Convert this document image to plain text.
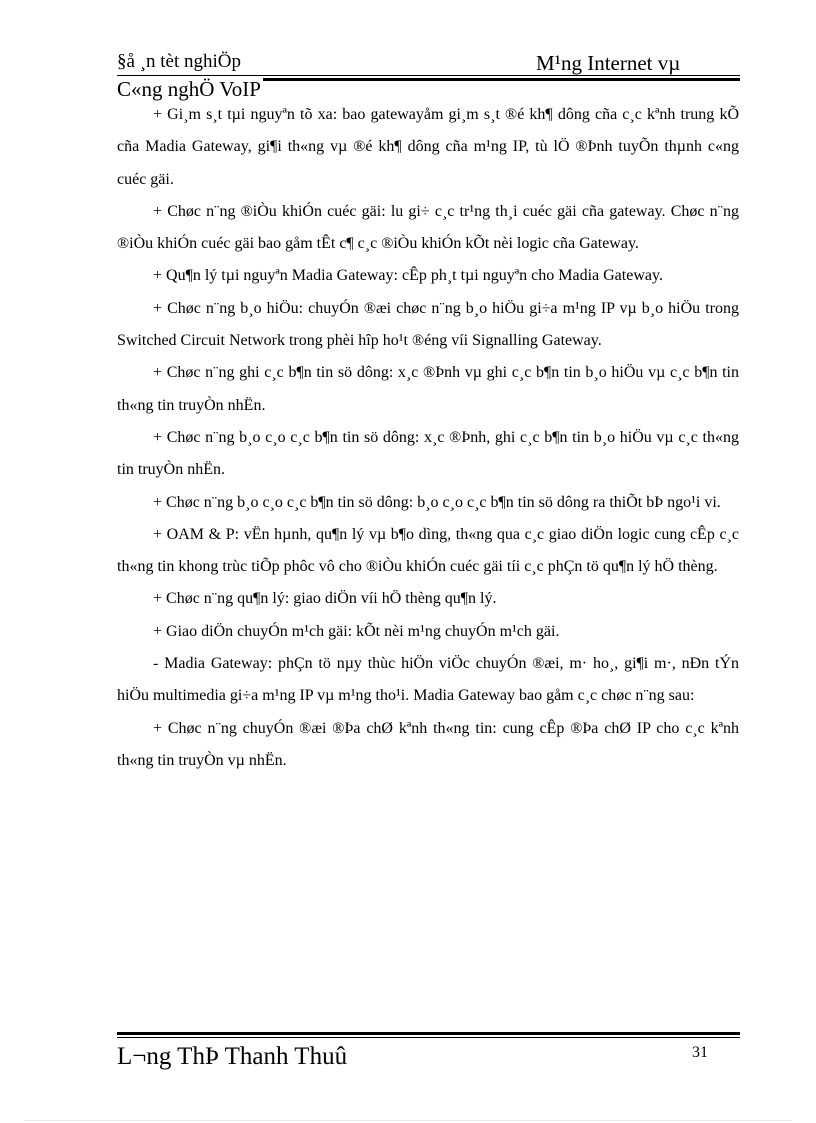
§å ¸n tèt nghiÖp	M¹ng Internet vµ
C«ng nghÖ VoIP

+ Gi¸m s¸t tµi nguyªn tõ xa: bao gatewayåm gi¸m s¸t ®é kh¶ dông cña c¸c kªnh trung kÕ cña Madia Gateway, gi¶i th«ng vµ ®é kh¶ dông cña m¹ng IP, tù lÖ ®Þnh tuyÕn thµnh c«ng cuéc gäi.

+ Chøc n¨ng ®iÒu khiÓn cuéc gäi: lu gi÷ c¸c tr¹ng th¸i cuéc gäi cña gateway. Chøc n¨ng ®iÒu khiÓn cuéc gäi bao gåm tÊt c¶ c¸c ®iÒu khiÓn kÕt nèi logic cña Gateway.

+ Qu¶n lý tµi nguyªn Madia Gateway: cÊp ph¸t tµi nguyªn cho Madia Gateway.

+ Chøc n¨ng b¸o hiÖu: chuyÓn ®æi chøc n¨ng b¸o hiÖu gi÷a m¹ng IP vµ b¸o hiÖu trong Switched Circuit Network trong phèi hîp ho¹t ®éng víi Signalling Gateway.

+ Chøc n¨ng ghi c¸c b¶n tin sö dông: x¸c ®Þnh vµ ghi c¸c b¶n tin b¸o hiÖu vµ c¸c b¶n tin th«ng tin truyÒn nhËn.

+ Chøc n¨ng b¸o c¸o c¸c b¶n tin sö dông: x¸c ®Þnh, ghi c¸c b¶n tin b¸o hiÖu vµ c¸c th«ng tin truyÒn nhËn.

+ Chøc n¨ng b¸o c¸o c¸c b¶n tin sö dông: b¸o c¸o c¸c b¶n tin sö dông ra thiÕt bÞ ngo¹i vi.

+ OAM & P: vËn hµnh, qu¶n lý vµ b¶o dìng, th«ng qua c¸c giao diÖn logic cung cÊp c¸c th«ng tin khong trùc tiÕp phôc vô cho ®iÒu khiÓn cuéc gäi tíi c¸c phÇn tö qu¶n lý hÖ thèng.

+ Chøc n¨ng qu¶n lý: giao diÖn víi hÖ thèng qu¶n lý.

+ Giao diÖn chuyÓn m¹ch gäi: kÕt nèi m¹ng chuyÓn m¹ch gäi.

- Madia Gateway: phÇn tö nµy thùc hiÖn viÖc chuyÓn ®æi, m· ho¸, gi¶i m·, nÐn tÝn hiÖu multimedia gi÷a m¹ng IP vµ m¹ng tho¹i. Madia Gateway bao gåm c¸c chøc n¨ng sau:

+ Chøc n¨ng chuyÓn ®æi ®Þa chØ kªnh th«ng tin: cung cÊp ®Þa chØ IP cho c¸c kªnh th«ng tin truyÒn vµ nhËn.

L¬ng ThÞ Thanh Thuû	31
